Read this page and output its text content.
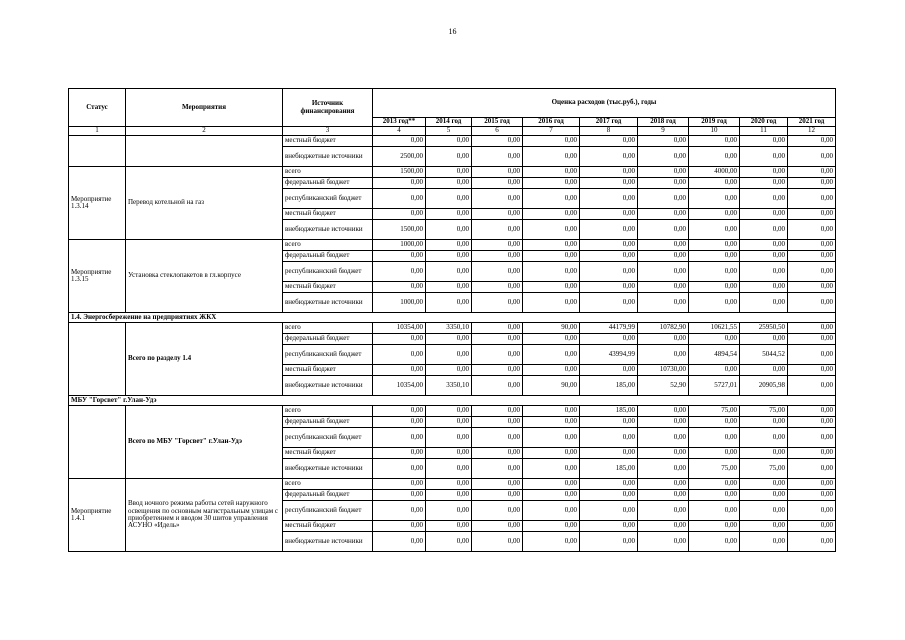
16
Статус	Мероприятия	Источник финансирования	Оценка расходов (тыс.руб.), годы								
			2013 год**	2014 год	2015 год	2016 год	2017 год	2018 год	2019 год	2020 год	2021 год
1	2	3	4	5	6	7	8	9	10	11	12
		местный бюджет	0,00	0,00	0,00	0,00	0,00	0,00	0,00	0,00	0,00
		внебюджетные источники	2500,00	0,00	0,00	0,00	0,00	0,00	0,00	0,00	0,00
Мероприятие 1.3.14	Перевод котельной на газ	всего	1500,00	0,00	0,00	0,00	0,00	0,00	4000,00	0,00	0,00
		федеральный бюджет	0,00	0,00	0,00	0,00	0,00	0,00	0,00	0,00	0,00
		республиканский бюджет	0,00	0,00	0,00	0,00	0,00	0,00	0,00	0,00	0,00
		местный бюджет	0,00	0,00	0,00	0,00	0,00	0,00	0,00	0,00	0,00
		внебюджетные источники	1500,00	0,00	0,00	0,00	0,00	0,00	0,00	0,00	0,00
Мероприятие 1.3.15	Установка стеклопакетов в гл.корпусе	всего	1000,00	0,00	0,00	0,00	0,00	0,00	0,00	0,00	0,00
		федеральный бюджет	0,00	0,00	0,00	0,00	0,00	0,00	0,00	0,00	0,00
		республиканский бюджет	0,00	0,00	0,00	0,00	0,00	0,00	0,00	0,00	0,00
		местный бюджет	0,00	0,00	0,00	0,00	0,00	0,00	0,00	0,00	0,00
		внебюджетные источники	1000,00	0,00	0,00	0,00	0,00	0,00	0,00	0,00	0,00
1.4. Энергосбережение на предприятиях ЖКХ											
	Всего по разделу 1.4	всего	10354,00	3350,10	0,00	90,00	44179,99	10782,90	10621,55	25950,50	0,00
		федеральный бюджет	0,00	0,00	0,00	0,00	0,00	0,00	0,00	0,00	0,00
		республиканский бюджет	0,00	0,00	0,00	0,00	43994,99	0,00	4894,54	5044,52	0,00
		местный бюджет	0,00	0,00	0,00	0,00	0,00	10730,00	0,00	0,00	0,00
		внебюджетные источники	10354,00	3350,10	0,00	90,00	185,00	52,90	5727,01	20905,98	0,00
МБУ "Горсвет" г.Улан-Удэ											
	Всего по МБУ "Горсвет" г.Улан-Удэ	всего	0,00	0,00	0,00	0,00	185,00	0,00	75,00	75,00	0,00
		федеральный бюджет	0,00	0,00	0,00	0,00	0,00	0,00	0,00	0,00	0,00
		республиканский бюджет	0,00	0,00	0,00	0,00	0,00	0,00	0,00	0,00	0,00
		местный бюджет	0,00	0,00	0,00	0,00	0,00	0,00	0,00	0,00	0,00
		внебюджетные источники	0,00	0,00	0,00	0,00	185,00	0,00	75,00	75,00	0,00
Мероприятие 1.4.1	Ввод ночного режима работы сетей наружного освещения по основным магистральным улицам с приобретением и вводом 30 шитов управления АСУНО «Идель»	всего	0,00	0,00	0,00	0,00	0,00	0,00	0,00	0,00	0,00
		федеральный бюджет	0,00	0,00	0,00	0,00	0,00	0,00	0,00	0,00	0,00
		республиканский бюджет	0,00	0,00	0,00	0,00	0,00	0,00	0,00	0,00	0,00
		местный бюджет	0,00	0,00	0,00	0,00	0,00	0,00	0,00	0,00	0,00
		внебюджетные источники	0,00	0,00	0,00	0,00	0,00	0,00	0,00	0,00	0,00
